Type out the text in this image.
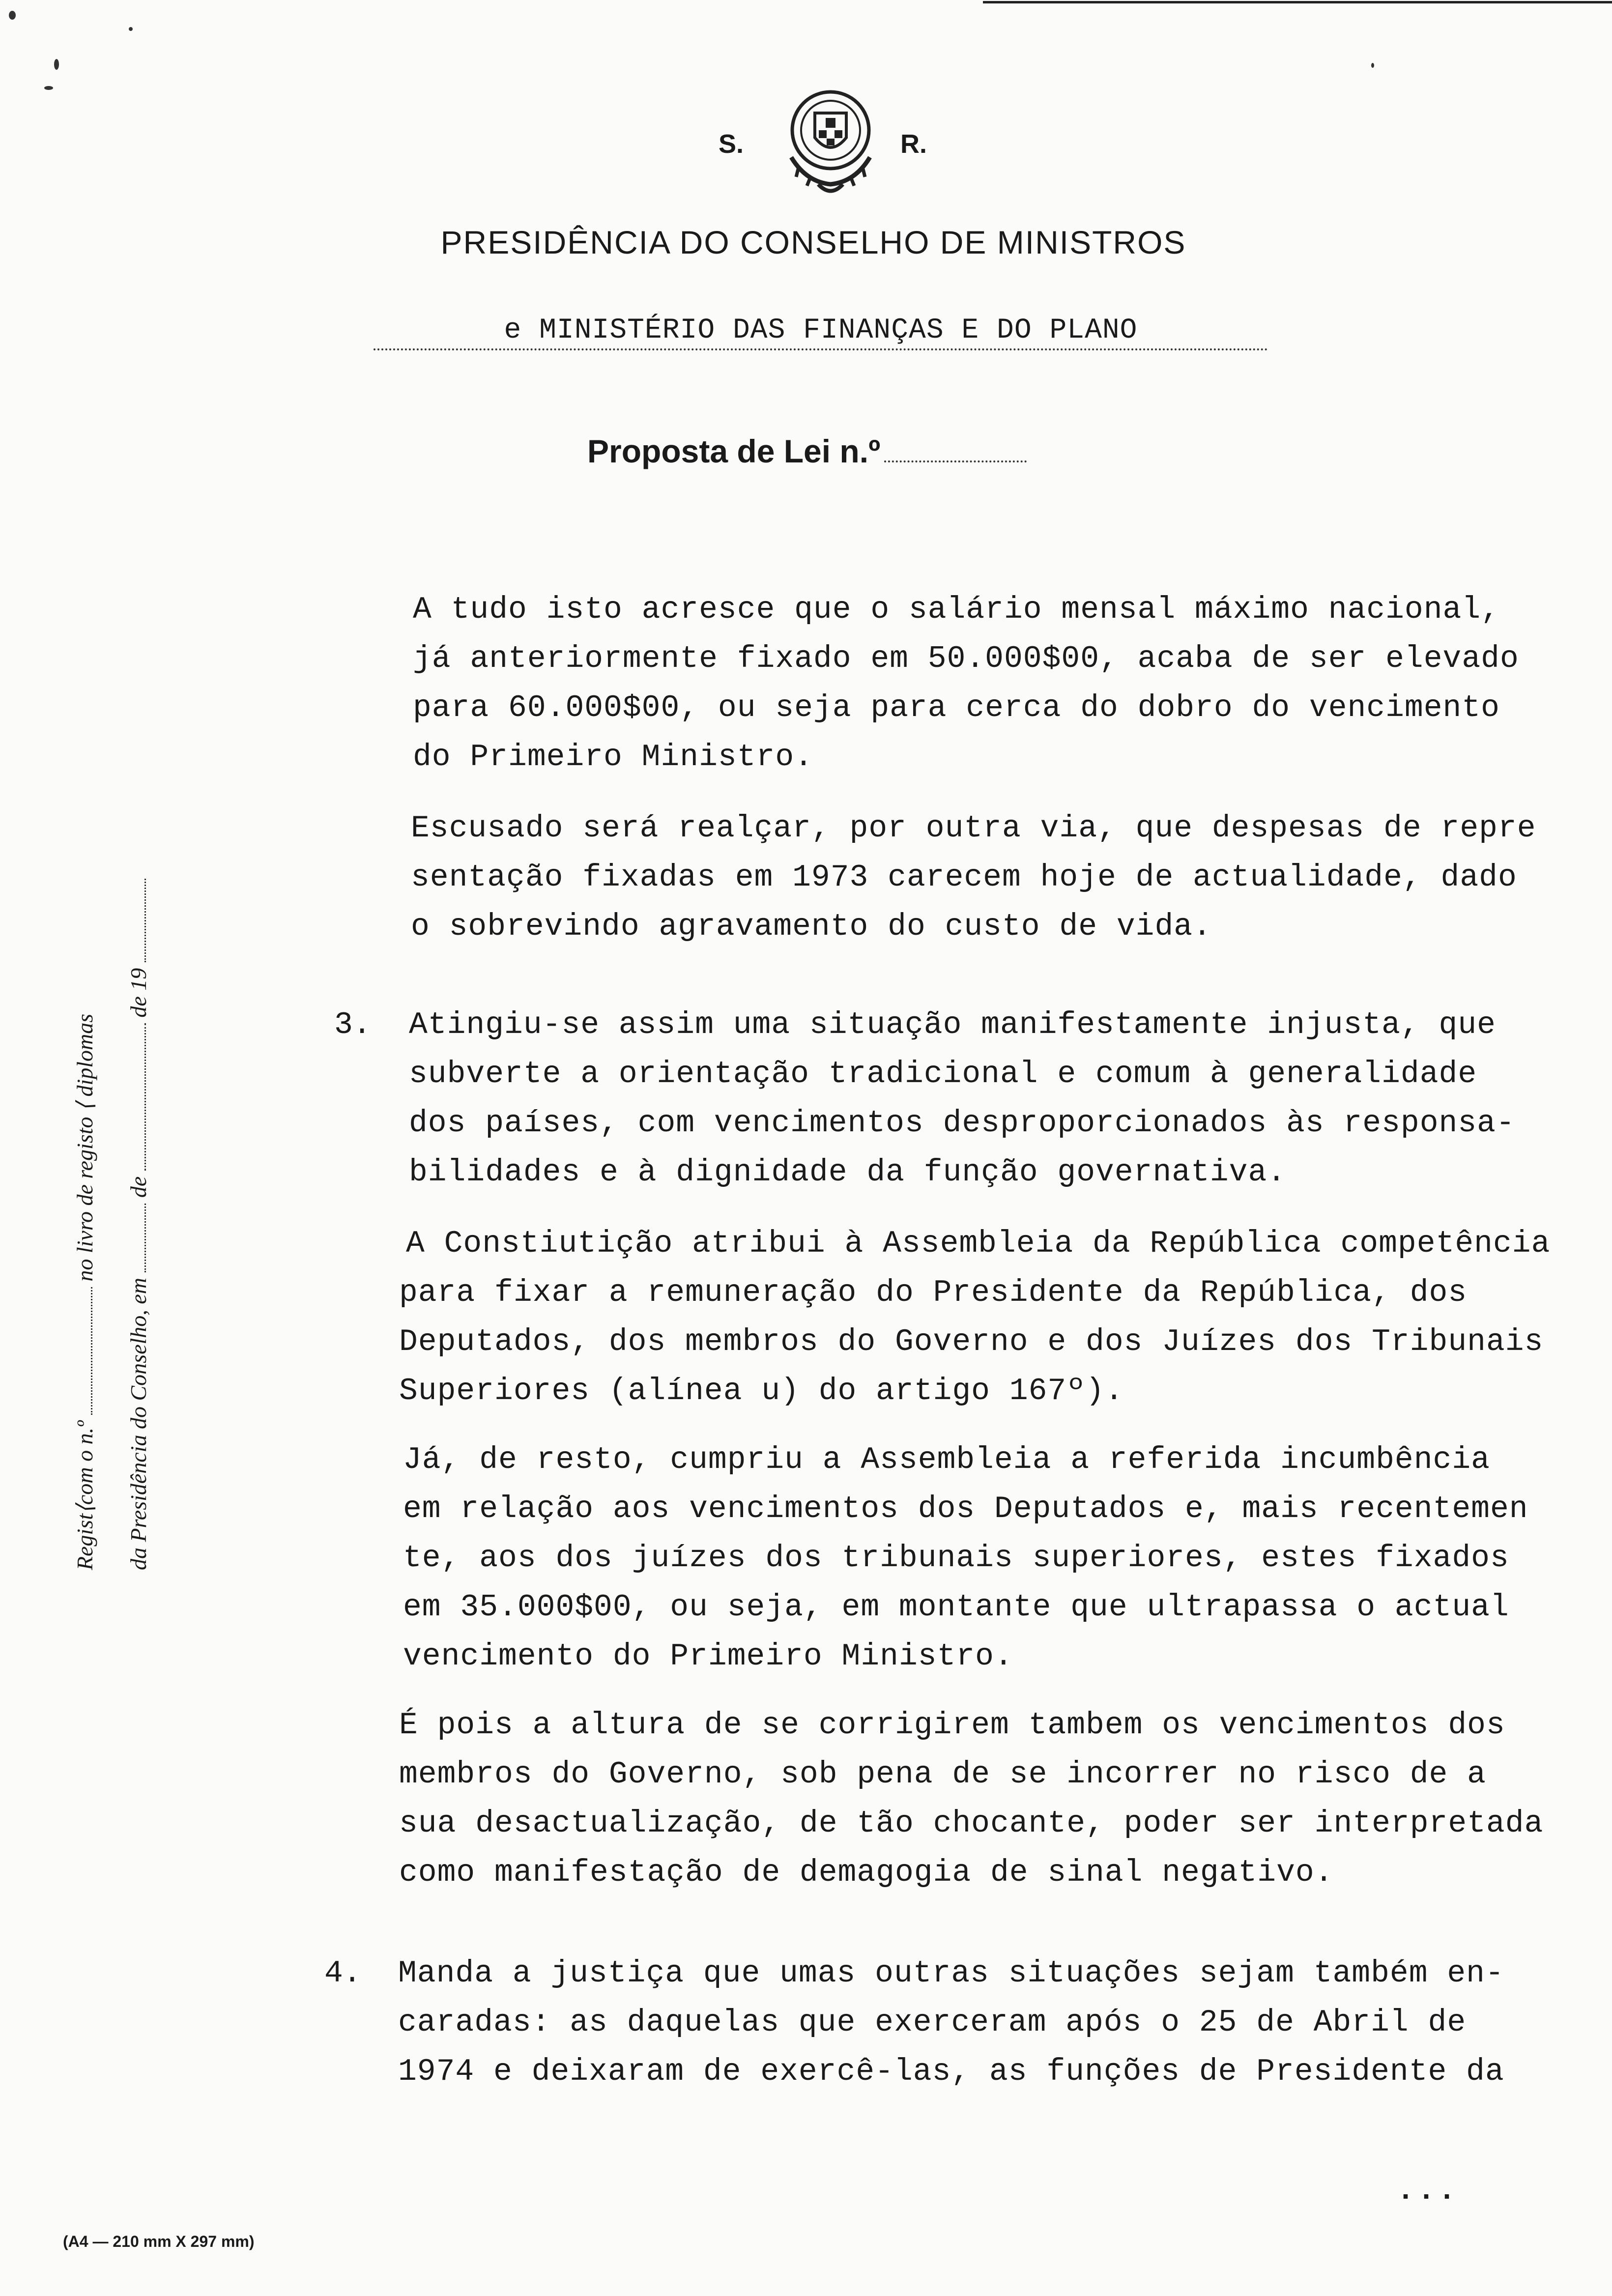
S.	R.
PRESIDÊNCIA DO CONSELHO DE MINISTROS
e MINISTÉRIO DAS FINANÇAS E DO PLANO
Proposta de Lei n.º
Regist⟨com o n.º  no livro de registo ⟨ diplomas
da Presidência do Conselho, em  de  de 19
A tudo isto acresce que o salário mensal máximo nacional,
já anteriormente fixado em 50.000$00, acaba de ser elevado
para 60.000$00, ou seja para cerca do dobro do vencimento
do Primeiro Ministro.
Escusado será realçar, por outra via, que despesas de repre
sentação fixadas em 1973 carecem hoje de actualidade, dado
o sobrevindo agravamento do custo de vida.
3. Atingiu-se assim uma situação manifestamente injusta, que
subverte a orientação tradicional e comum à generalidade
dos países, com vencimentos desproporcionados às responsa-
bilidades e à dignidade da função governativa.
A Constiutição atribui à Assembleia da República competência
para fixar a remuneração do Presidente da República, dos
Deputados, dos membros do Governo e dos Juízes dos Tribunais
Superiores (alínea u) do artigo 167º).
Já, de resto, cumpriu a Assembleia a referida incumbência
em relação aos vencimentos dos Deputados e, mais recentemen
te, aos dos juízes dos tribunais superiores, estes fixados
em 35.000$00, ou seja, em montante que ultrapassa o actual
vencimento do Primeiro Ministro.
É pois a altura de se corrigirem tambem os vencimentos dos
membros do Governo, sob pena de se incorrer no risco de a
sua desactualização, de tão chocante, poder ser interpretada
como manifestação de demagogia de sinal negativo.
4. Manda a justiça que umas outras situações sejam também en-
caradas: as daquelas que exerceram após o 25 de Abril de
1974 e deixaram de exercê-las, as funções de Presidente da
...
(A4 — 210 mm X 297 mm)
